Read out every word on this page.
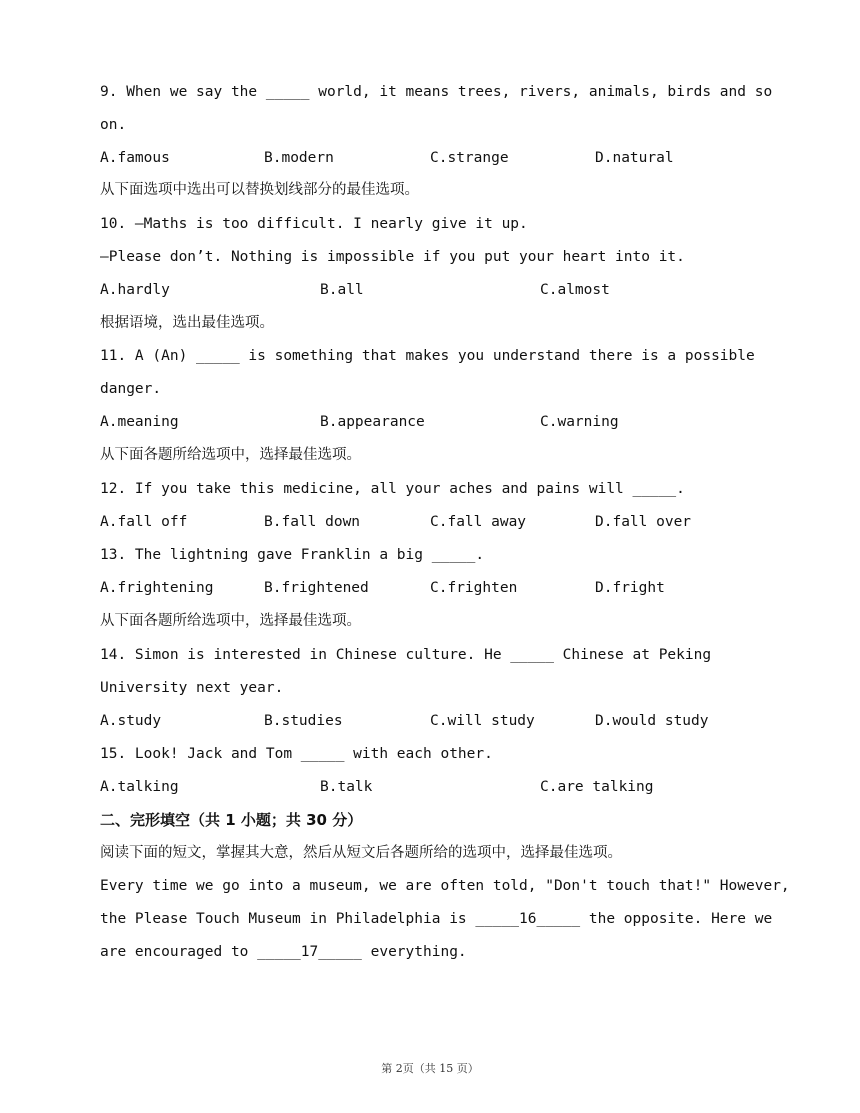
9. When we say the _____ world, it means trees, rivers, animals, birds and so
on.
A.famous	B.modern	C.strange	D.natural
从下面选项中选出可以替换划线部分的最佳选项。
10. —Maths is too difficult. I nearly give it up.
—Please don’t. Nothing is impossible if you put your heart into it.
A.hardly	B.all	C.almost
根据语境，选出最佳选项。
11. A (An) _____ is something that makes you understand there is a possible
danger.
A.meaning	B.appearance	C.warning
从下面各题所给选项中，选择最佳选项。
12. If you take this medicine, all your aches and pains will _____.
A.fall off	B.fall down	C.fall away	D.fall over
13. The lightning gave Franklin a big _____.
A.frightening	B.frightened	C.frighten	D.fright
从下面各题所给选项中，选择最佳选项。
14. Simon is interested in Chinese culture. He _____ Chinese at Peking
University next year.
A.study	B.studies	C.will study	D.would study
15. Look! Jack and Tom _____ with each other.
A.talking	B.talk	C.are talking
二、完形填空（共 1 小题；共 30 分）
阅读下面的短文，掌握其大意，然后从短文后各题所给的选项中，选择最佳选项。
Every time we go into a museum, we are often told, "Don't touch that!" However,
the Please Touch Museum in Philadelphia is _____16_____ the opposite. Here we
are encouraged to _____17_____ everything.
第 2页（共 15 页）
